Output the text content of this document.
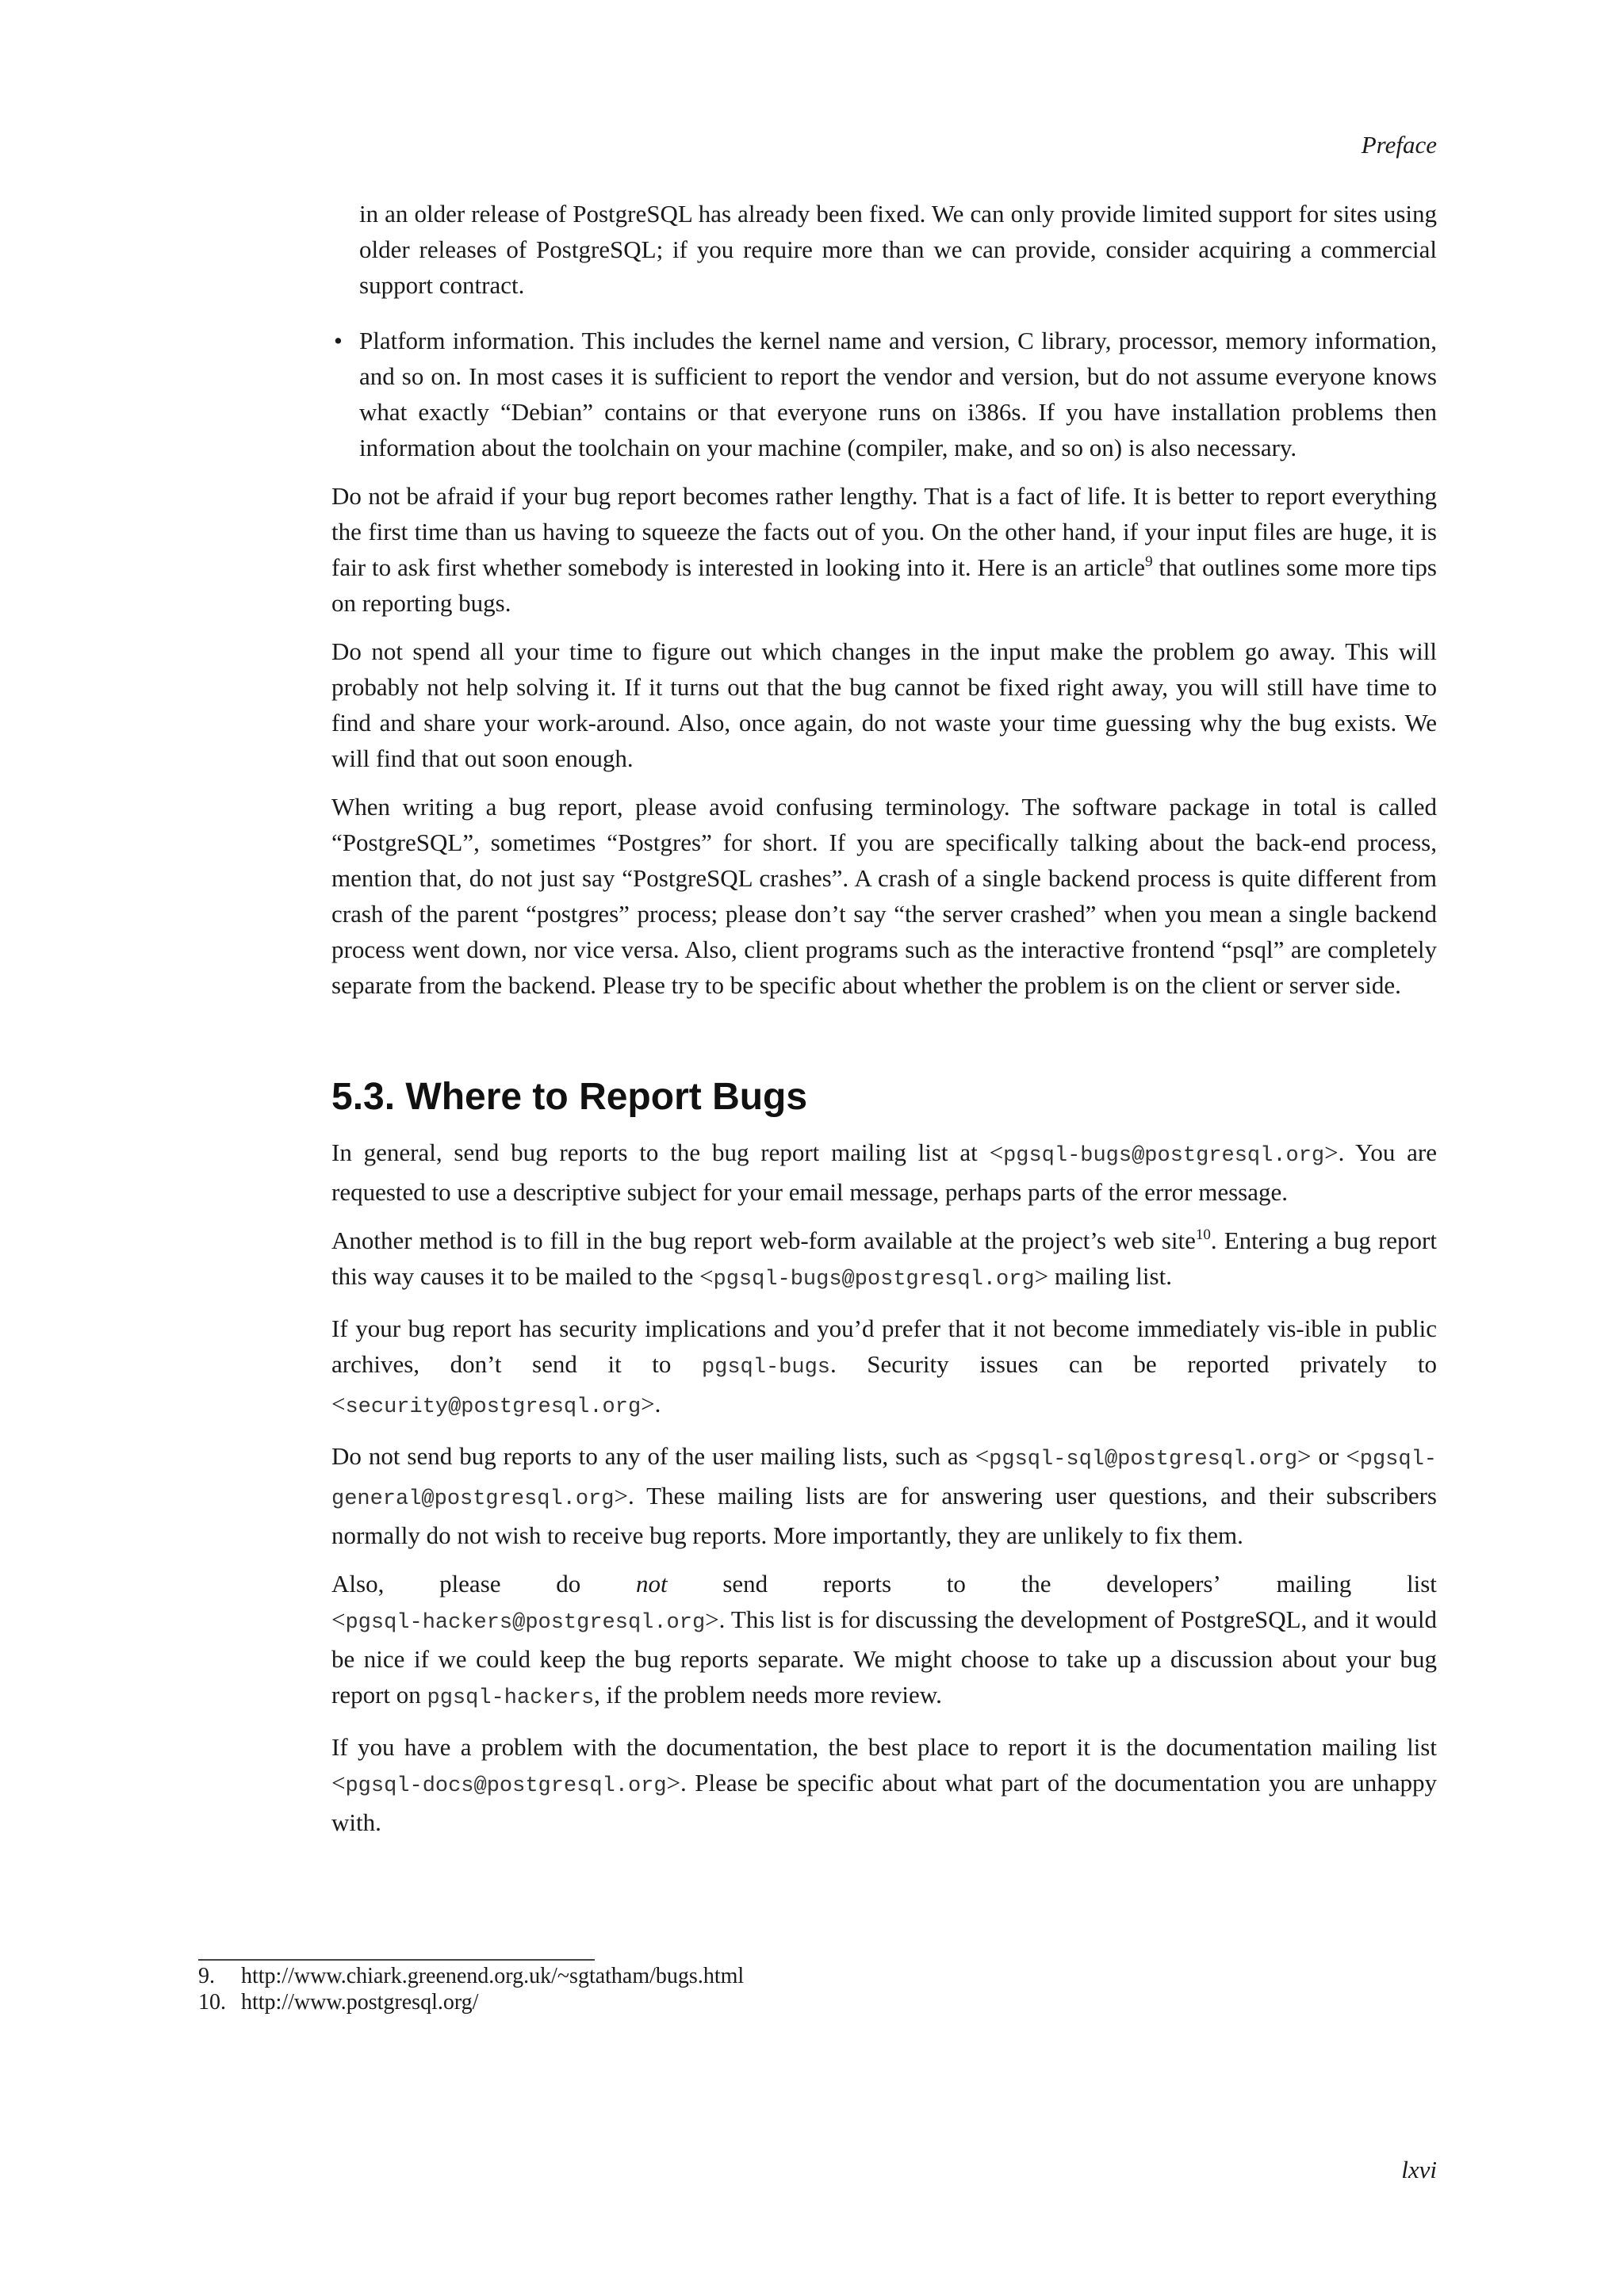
Preface

in an older release of PostgreSQL has already been fixed. We can only provide limited support for sites using older releases of PostgreSQL; if you require more than we can provide, consider acquiring a commercial support contract.

• Platform information. This includes the kernel name and version, C library, processor, memory information, and so on. In most cases it is sufficient to report the vendor and version, but do not assume everyone knows what exactly “Debian” contains or that everyone runs on i386s. If you have installation problems then information about the toolchain on your machine (compiler, make, and so on) is also necessary.

Do not be afraid if your bug report becomes rather lengthy. That is a fact of life. It is better to report everything the first time than us having to squeeze the facts out of you. On the other hand, if your input files are huge, it is fair to ask first whether somebody is interested in looking into it. Here is an article$^9$ that outlines some more tips on reporting bugs.

Do not spend all your time to figure out which changes in the input make the problem go away. This will probably not help solving it. If it turns out that the bug cannot be fixed right away, you will still have time to find and share your work-around. Also, once again, do not waste your time guessing why the bug exists. We will find that out soon enough.

When writing a bug report, please avoid confusing terminology. The software package in total is called “PostgreSQL”, sometimes “Postgres” for short. If you are specifically talking about the back-end process, mention that, do not just say “PostgreSQL crashes”. A crash of a single backend process is quite different from crash of the parent “postgres” process; please don’t say “the server crashed” when you mean a single backend process went down, nor vice versa. Also, client programs such as the interactive frontend “psql” are completely separate from the backend. Please try to be specific about whether the problem is on the client or server side.

5.3. Where to Report Bugs

In general, send bug reports to the bug report mailing list at <pgsql-bugs@postgresql.org>. You are requested to use a descriptive subject for your email message, perhaps parts of the error message.

Another method is to fill in the bug report web-form available at the project’s web site$^{10}$. Entering a bug report this way causes it to be mailed to the <pgsql-bugs@postgresql.org> mailing list.

If your bug report has security implications and you’d prefer that it not become immediately vis-ible in public archives, don’t send it to pgsql-bugs. Security issues can be reported privately to <security@postgresql.org>.

Do not send bug reports to any of the user mailing lists, such as <pgsql-sql@postgresql.org> or <pgsql-general@postgresql.org>. These mailing lists are for answering user questions, and their subscribers normally do not wish to receive bug reports. More importantly, they are unlikely to fix them.

Also, please do not send reports to the developers’ mailing list

<pgsql-hackers@postgresql.org>. This list is for discussing the development of PostgreSQL, and it would be nice if we could keep the bug reports separate. We might choose to take up a discussion about your bug report on pgsql-hackers, if the problem needs more review.

If you have a problem with the documentation, the best place to report it is the documentation mailing list <pgsql-docs@postgresql.org>. Please be specific about what part of the documentation you are unhappy with.

9.	http://www.chiark.greenend.org.uk/~sgtatham/bugs.html
10. http://www.postgresql.org/
lxvi
